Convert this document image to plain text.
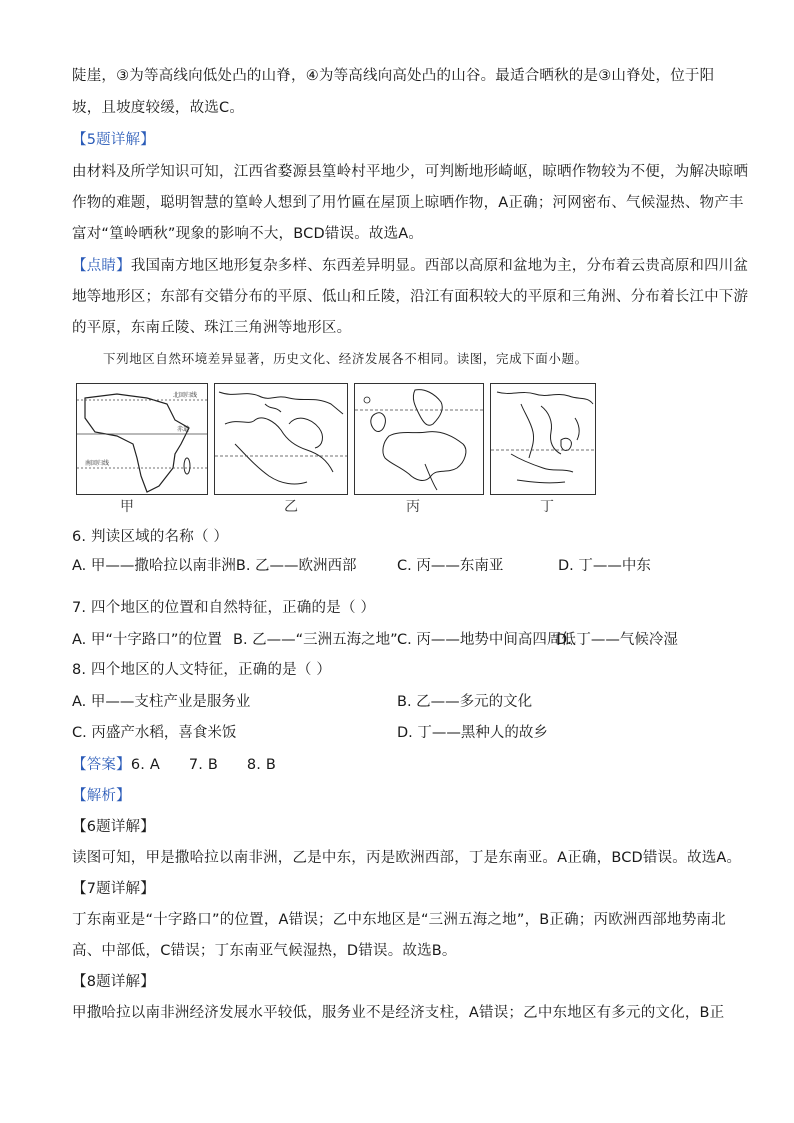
陡崖，③为等高线向低处凸的山脊，④为等高线向高处凸的山谷。最适合晒秋的是③山脊处，位于阳
坡，且坡度较缓，故选C。
【5题详解】
由材料及所学知识可知，江西省婺源县篁岭村平地少，可判断地形崎岖，晾晒作物较为不便，为解决晾晒
作物的难题，聪明智慧的篁岭人想到了用竹匾在屋顶上晾晒作物，A正确；河网密布、气候湿热、物产丰
富对“篁岭晒秋”现象的影响不大，BCD错误。故选A。
【点睛】我国南方地区地形复杂多样、东西差异明显。西部以高原和盆地为主，分布着云贵高原和四川盆
地等地形区；东部有交错分布的平原、低山和丘陵，沿江有面积较大的平原和三角洲、分布着长江中下游
的平原，东南丘陵、珠江三角洲等地形区。
下列地区自然环境差异显著，历史文化、经济发展各不相同。读图，完成下面小题。
北回归线
赤道
南回归线
甲	乙	丙	丁
6. 判读区域的名称（ ）
A. 甲——撒哈拉以南非洲B. 乙——欧洲西部	C. 丙——东南亚	D. 丁——中东
7. 四个地区的位置和自然特征，正确的是（ ）
A. 甲“十字路口”的位置 B. 乙——“三洲五海之地” C. 丙——地势中间高四周低
D. 丁——气候冷湿
8. 四个地区的人文特征，正确的是（ ）
A. 甲——支柱产业是服务业	B. 乙——多元的文化
C. 丙盛产水稻，喜食米饭	D. 丁——黑种人的故乡
【答案】6. A      7. B      8. B
【解析】
【6题详解】
读图可知，甲是撒哈拉以南非洲，乙是中东，丙是欧洲西部，丁是东南亚。A正确，BCD错误。故选A。
【7题详解】
丁东南亚是“十字路口”的位置，A错误；乙中东地区是“三洲五海之地”，B正确；丙欧洲西部地势南北
高、中部低，C错误；丁东南亚气候湿热，D错误。故选B。
【8题详解】
甲撒哈拉以南非洲经济发展水平较低，服务业不是经济支柱，A错误；乙中东地区有多元的文化，B正
